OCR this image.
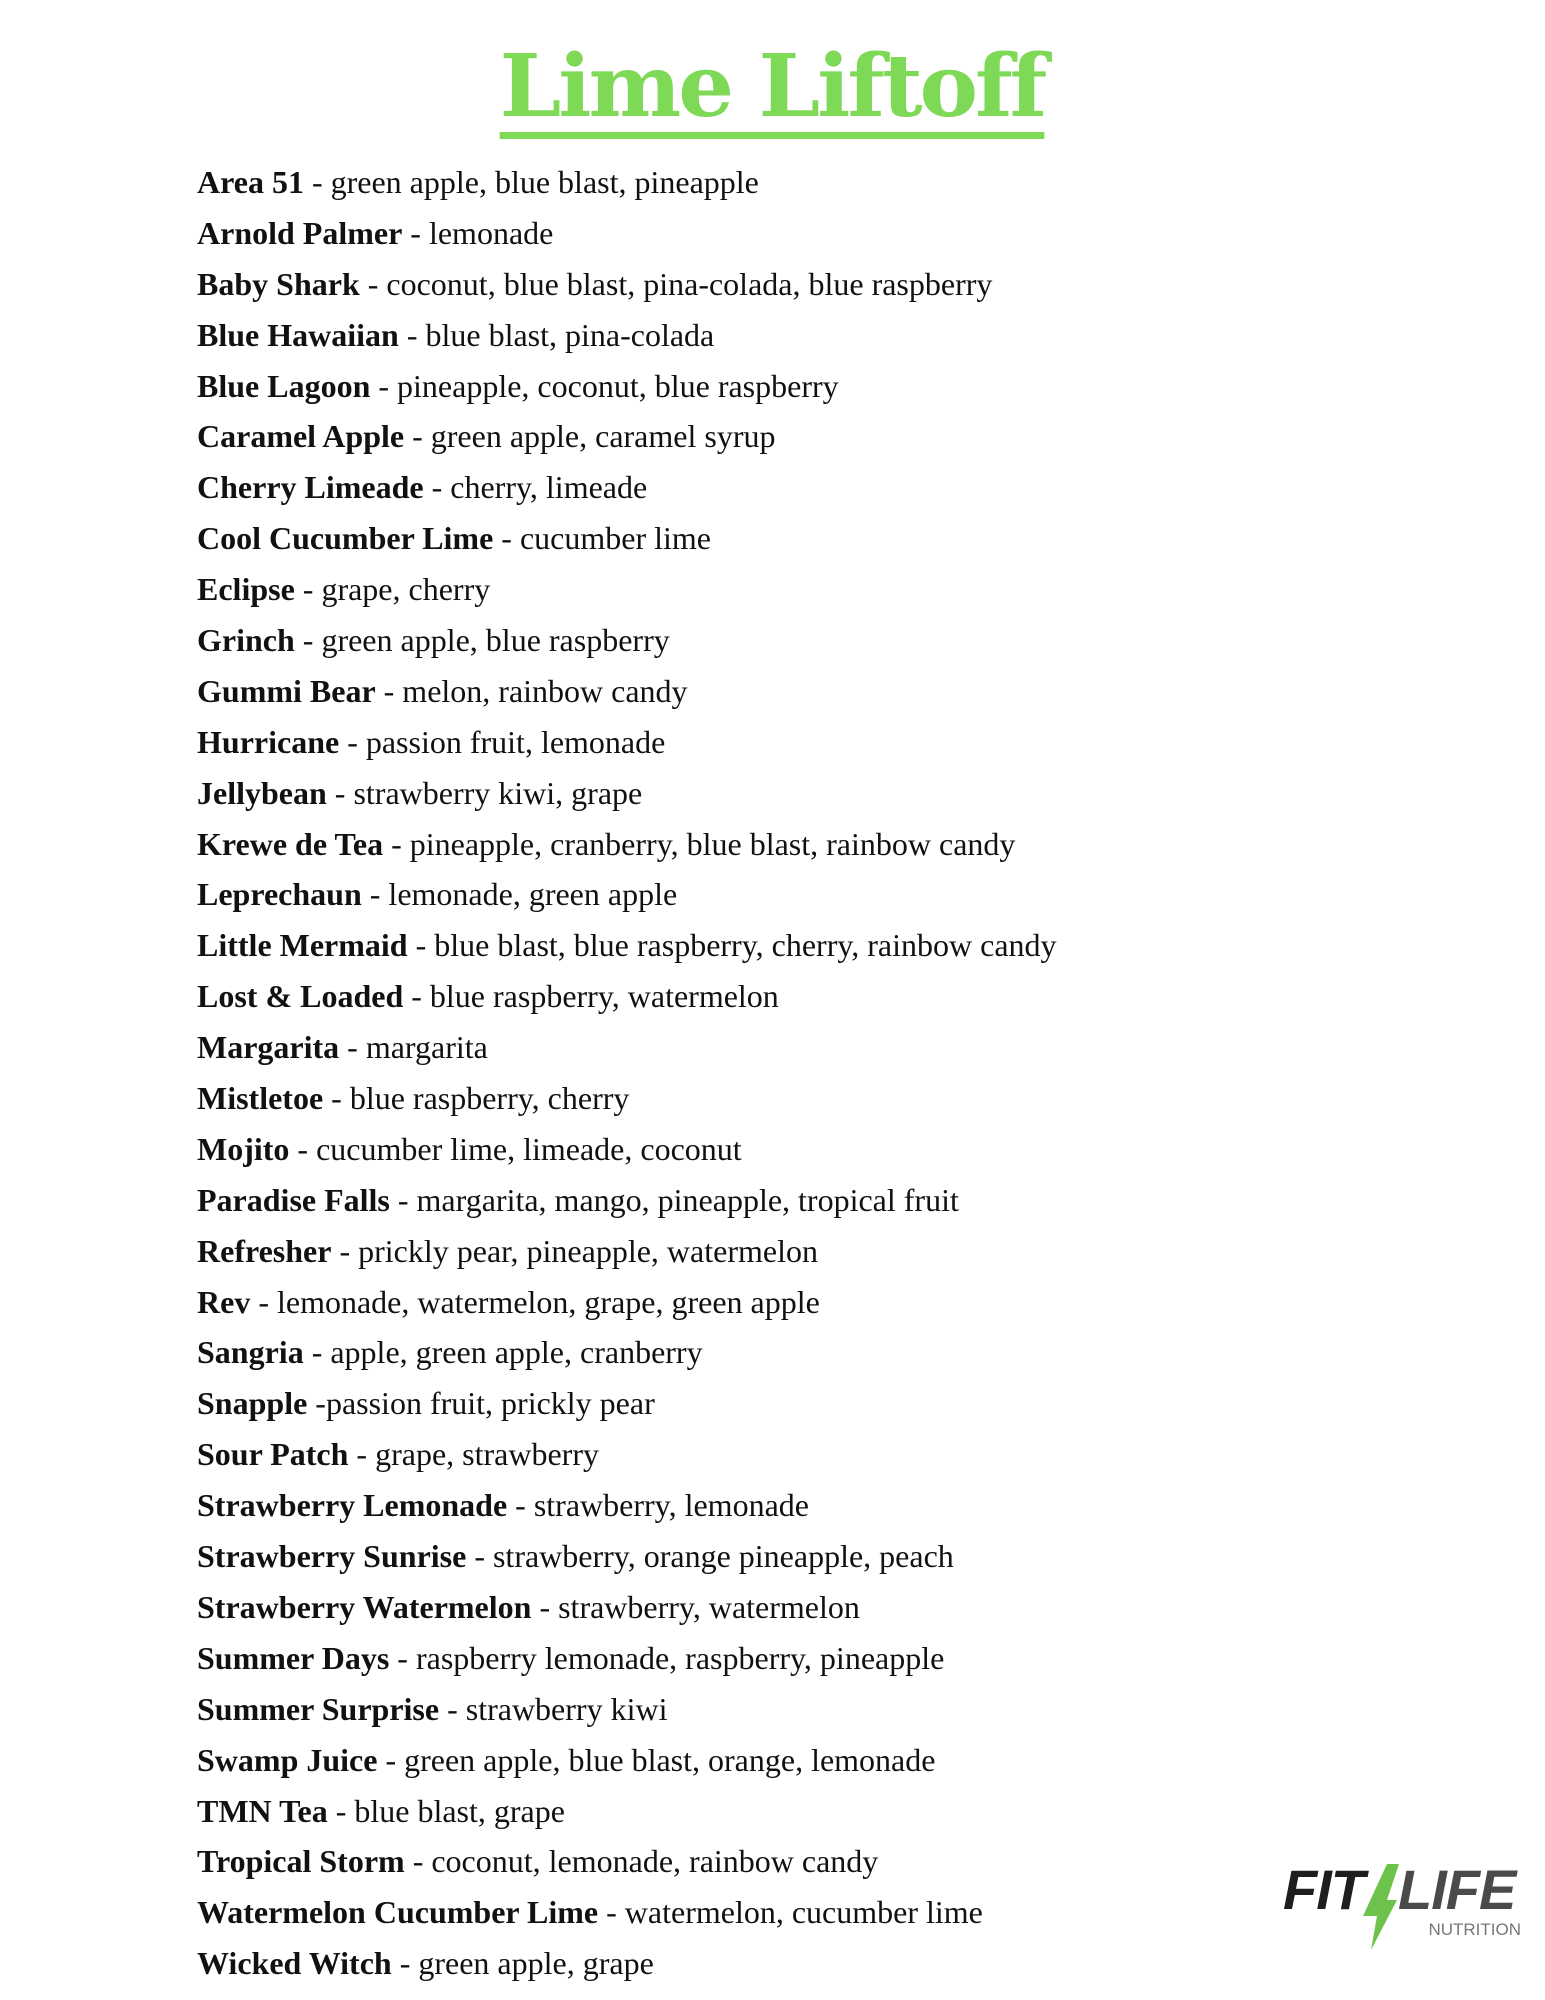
Lime Liftoff
Area 51 - green apple, blue blast, pineapple
Arnold Palmer - lemonade
Baby Shark - coconut, blue blast, pina-colada, blue raspberry
Blue Hawaiian - blue blast, pina-colada
Blue Lagoon - pineapple, coconut, blue raspberry
Caramel Apple - green apple, caramel syrup
Cherry Limeade - cherry, limeade
Cool Cucumber Lime - cucumber lime
Eclipse - grape, cherry
Grinch - green apple, blue raspberry
Gummi Bear - melon, rainbow candy
Hurricane - passion fruit, lemonade
Jellybean - strawberry kiwi, grape
Krewe de Tea - pineapple, cranberry, blue blast, rainbow candy
Leprechaun - lemonade, green apple
Little Mermaid - blue blast, blue raspberry, cherry, rainbow candy
Lost & Loaded - blue raspberry, watermelon
Margarita - margarita
Mistletoe - blue raspberry, cherry
Mojito - cucumber lime, limeade, coconut
Paradise Falls - margarita, mango, pineapple, tropical fruit
Refresher - prickly pear, pineapple, watermelon
Rev - lemonade, watermelon, grape, green apple
Sangria - apple, green apple, cranberry
Snapple -passion fruit, prickly pear
Sour Patch - grape, strawberry
Strawberry Lemonade - strawberry, lemonade
Strawberry Sunrise - strawberry, orange pineapple, peach
Strawberry Watermelon - strawberry, watermelon
Summer Days - raspberry lemonade, raspberry, pineapple
Summer Surprise - strawberry kiwi
Swamp Juice - green apple, blue blast, orange, lemonade
TMN Tea - blue blast, grape
Tropical Storm - coconut, lemonade, rainbow candy
Watermelon Cucumber Lime - watermelon, cucumber lime
Wicked Witch - green apple, grape
FIT LIFE
NUTRITION
